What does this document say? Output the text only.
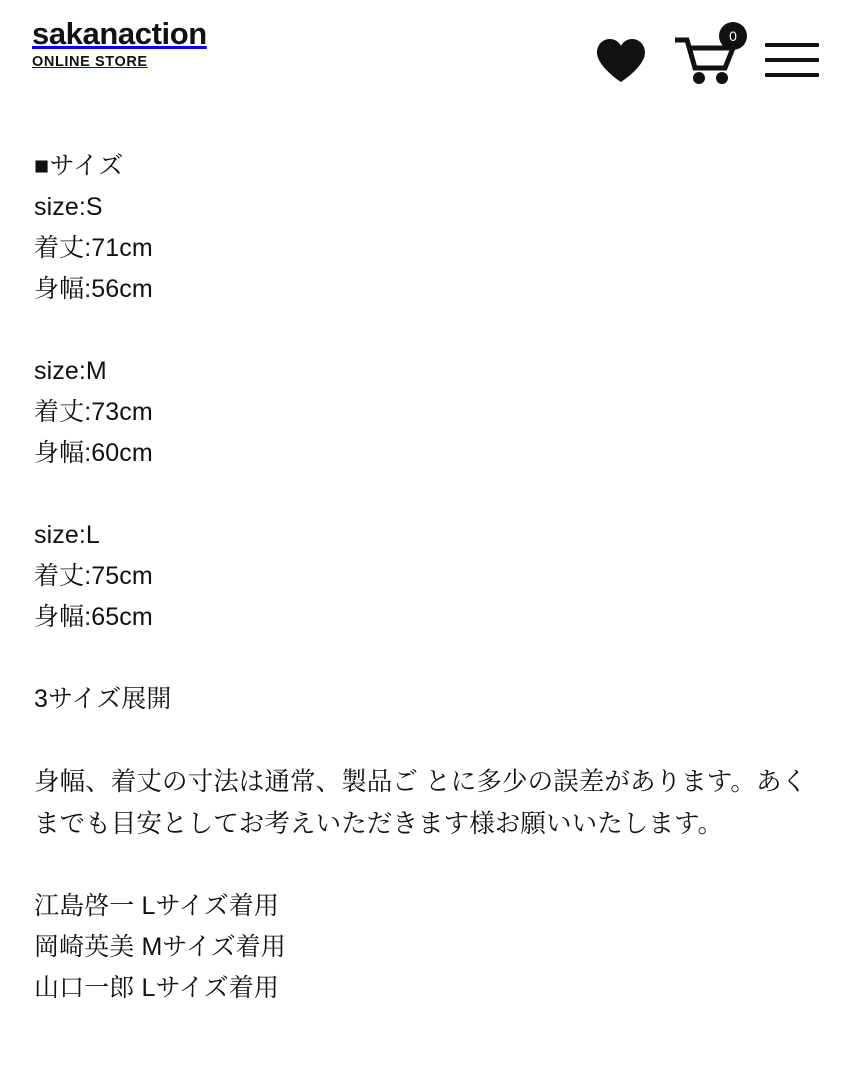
sakanaction
ONLINE STORE
0
■サイズ
size:S
着丈:71cm
身幅:56cm
size:M
着丈:73cm
身幅:60cm
size:L
着丈:75cm
身幅:65cm
3サイズ展開
身幅、着丈の寸法は通常、製品ご とに多少の誤差があります。あくまでも目安としてお考えいただきます様お願いいたします。
江島啓一 Lサイズ着用
岡崎英美 Mサイズ着用
山口一郎 Lサイズ着用
